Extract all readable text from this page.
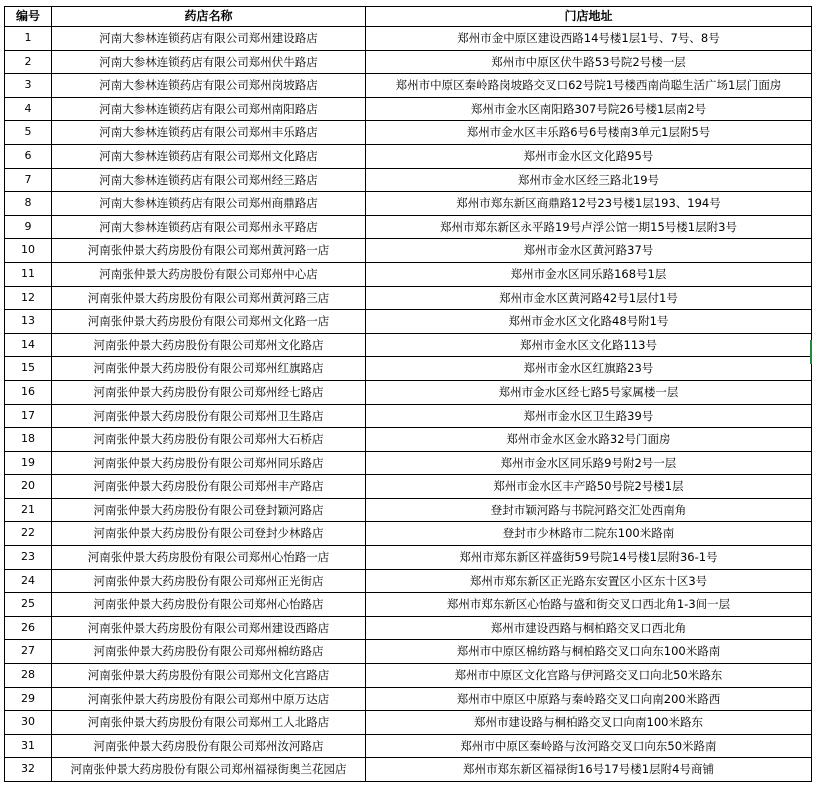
编号	药店名称	门店地址
1	河南大参林连锁药店有限公司郑州建设路店	郑州市金中原区建设西路14号楼1层1号、7号、8号
2	河南大参林连锁药店有限公司郑州伏牛路店	郑州市中原区伏牛路53号院2号楼一层
3	河南大参林连锁药店有限公司郑州岗坡路店	郑州市中原区秦岭路岗坡路交叉口62号院1号楼西南尚聪生活广场1层门面房
4	河南大参林连锁药店有限公司郑州南阳路店	郑州市金水区南阳路307号院26号楼1层南2号
5	河南大参林连锁药店有限公司郑州丰乐路店	郑州市金水区丰乐路6号6号楼南3单元1层附5号
6	河南大参林连锁药店有限公司郑州文化路店	郑州市金水区文化路95号
7	河南大参林连锁药店有限公司郑州经三路店	郑州市金水区经三路北19号
8	河南大参林连锁药店有限公司郑州商鼎路店	郑州市郑东新区商鼎路12号23号楼1层193、194号
9	河南大参林连锁药店有限公司郑州永平路店	郑州市郑东新区永平路19号卢浮公馆一期15号楼1层附3号
10	河南张仲景大药房股份有限公司郑州黄河路一店	郑州市金水区黄河路37号
11	河南张仲景大药房股份有限公司郑州中心店	郑州市金水区同乐路168号1层
12	河南张仲景大药房股份有限公司郑州黄河路三店	郑州市金水区黄河路42号1层付1号
13	河南张仲景大药房股份有限公司郑州文化路一店	郑州市金水区文化路48号附1号
14	河南张仲景大药房股份有限公司郑州文化路店	郑州市金水区文化路113号
15	河南张仲景大药房股份有限公司郑州红旗路店	郑州市金水区红旗路23号
16	河南张仲景大药房股份有限公司郑州经七路店	郑州市金水区经七路5号家属楼一层
17	河南张仲景大药房股份有限公司郑州卫生路店	郑州市金水区卫生路39号
18	河南张仲景大药房股份有限公司郑州大石桥店	郑州市金水区金水路32号门面房
19	河南张仲景大药房股份有限公司郑州同乐路店	郑州市金水区同乐路9号附2号一层
20	河南张仲景大药房股份有限公司郑州丰产路店	郑州市金水区丰产路50号院2号楼1层
21	河南张仲景大药房股份有限公司登封颖河路店	登封市颖河路与书院河路交汇处西南角
22	河南张仲景大药房股份有限公司登封少林路店	登封市少林路市二院东100米路南
23	河南张仲景大药房股份有限公司郑州心怡路一店	郑州市郑东新区祥盛街59号院14号楼1层附36-1号
24	河南张仲景大药房股份有限公司郑州正光街店	郑州市郑东新区正光路东安置区小区东十区3号
25	河南张仲景大药房股份有限公司郑州心怡路店	郑州市郑东新区心怡路与盛和街交叉口西北角1-3间一层
26	河南张仲景大药房股份有限公司郑州建设西路店	郑州市建设西路与桐柏路交叉口西北角
27	河南张仲景大药房股份有限公司郑州棉纺路店	郑州市中原区棉纺路与桐柏路交叉口向东100米路南
28	河南张仲景大药房股份有限公司郑州文化宫路店	郑州市中原区文化宫路与伊河路交叉口向北50米路东
29	河南张仲景大药房股份有限公司郑州中原万达店	郑州市中原区中原路与秦岭路交叉口向南200米路西
30	河南张仲景大药房股份有限公司郑州工人北路店	郑州市建设路与桐柏路交叉口向南100米路东
31	河南张仲景大药房股份有限公司郑州汝河路店	郑州市中原区秦岭路与汝河路交叉口向东50米路南
32	河南张仲景大药房股份有限公司郑州福禄街奥兰花园店	郑州市郑东新区福禄街16号17号楼1层附4号商铺
